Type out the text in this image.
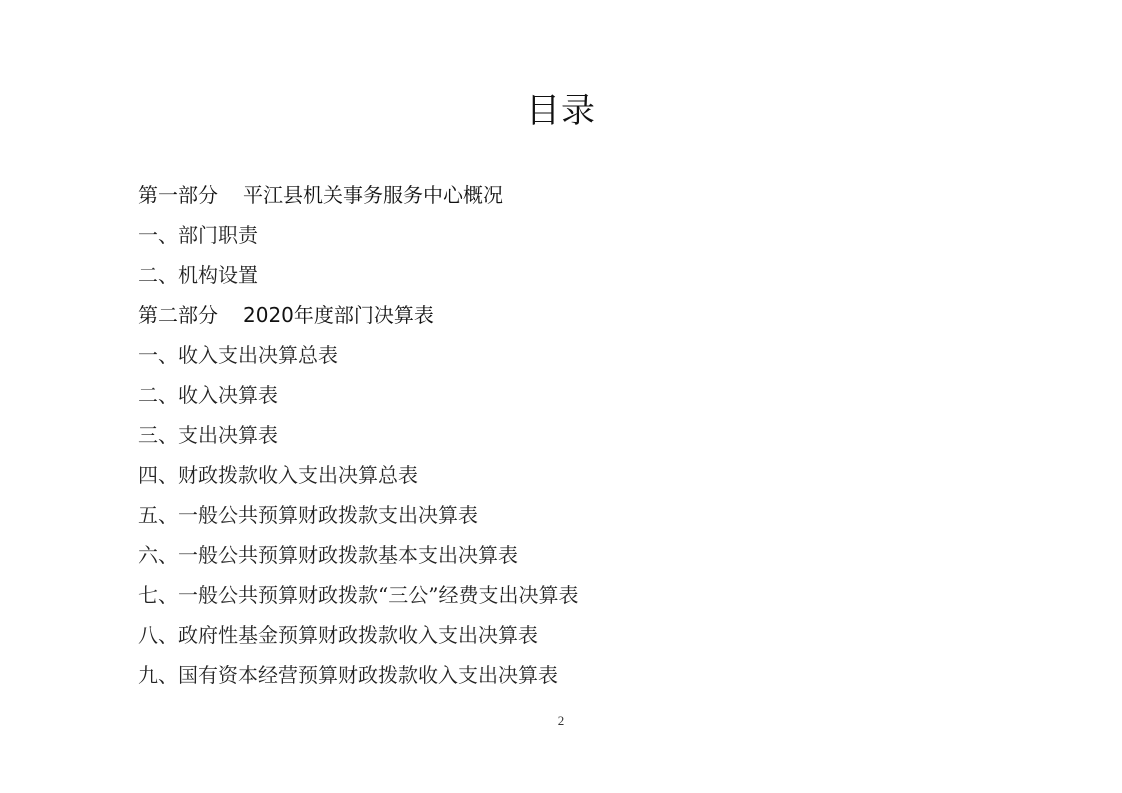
目录
第一部分 平江县机关事务服务中心概况
一、部门职责
二、机构设置
第二部分 2020年度部门决算表
一、收入支出决算总表
二、收入决算表
三、支出决算表
四、财政拨款收入支出决算总表
五、一般公共预算财政拨款支出决算表
六、一般公共预算财政拨款基本支出决算表
七、一般公共预算财政拨款“三公”经费支出决算表
八、政府性基金预算财政拨款收入支出决算表
九、国有资本经营预算财政拨款收入支出决算表
2
